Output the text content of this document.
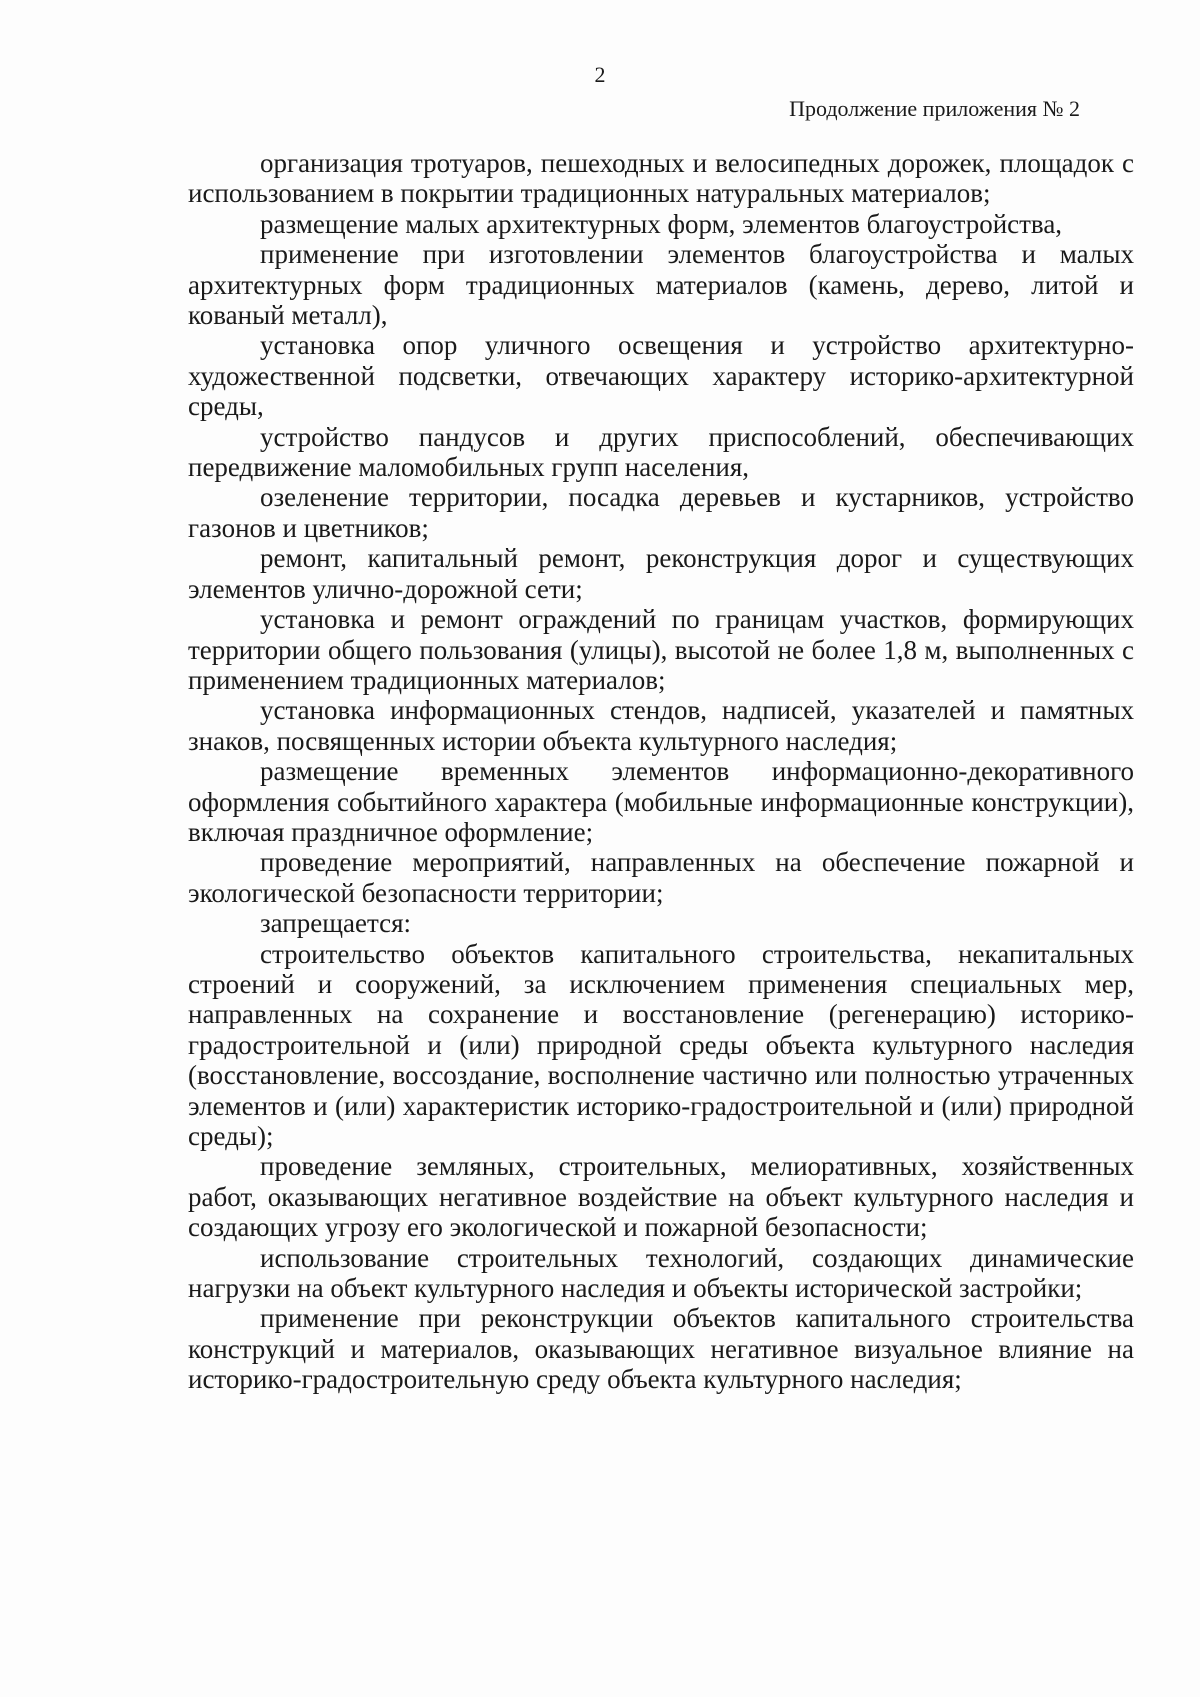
2
Продолжение приложения № 2

организация тротуаров, пешеходных и велосипедных дорожек, площадок с использованием в покрытии традиционных натуральных материалов;

размещение малых архитектурных форм, элементов благоустройства,

применение при изготовлении элементов благоустройства и малых архитектурных форм традиционных материалов (камень, дерево, литой и кованый металл),

установка опор уличного освещения и устройство архитектурно-художественной подсветки, отвечающих характеру историко-архитектурной среды,

устройство пандусов и других приспособлений, обеспечивающих передвижение маломобильных групп населения,

озеленение территории, посадка деревьев и кустарников, устройство газонов и цветников;

ремонт, капитальный ремонт, реконструкция дорог и существующих элементов улично-дорожной сети;

установка и ремонт ограждений по границам участков, формирующих территории общего пользования (улицы), высотой не более 1,8 м, выполненных с применением традиционных материалов;

установка информационных стендов, надписей, указателей и памятных знаков, посвященных истории объекта культурного наследия;

размещение временных элементов информационно-декоративного оформления событийного характера (мобильные информационные конструкции), включая праздничное оформление;

проведение мероприятий, направленных на обеспечение пожарной и экологической безопасности территории;

запрещается:

строительство объектов капитального строительства, некапитальных строений и сооружений, за исключением применения специальных мер, направленных на сохранение и восстановление (регенерацию) историко-градостроительной и (или) природной среды объекта культурного наследия (восстановление, воссоздание, восполнение частично или полностью утраченных элементов и (или) характеристик историко-градостроительной и (или) природной среды);

проведение земляных, строительных, мелиоративных, хозяйственных работ, оказывающих негативное воздействие на объект культурного наследия и создающих угрозу его экологической и пожарной безопасности;

использование строительных технологий, создающих динамические нагрузки на объект культурного наследия и объекты исторической застройки;

применение при реконструкции объектов капитального строительства конструкций и материалов, оказывающих негативное визуальное влияние на историко-градостроительную среду объекта культурного наследия;
